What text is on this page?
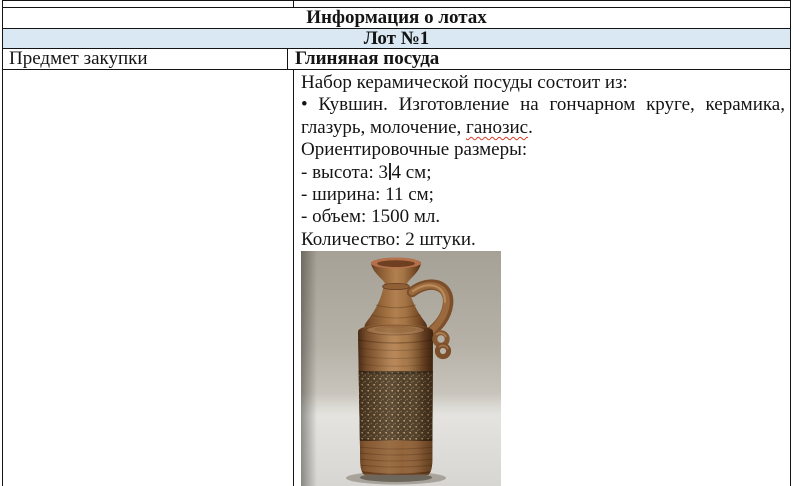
Информация о лотах
Лот №1
Предмет закупки	Глиняная посуда
Набор керамической посуды состоит из:
• Кувшин. Изготовление на гончарном круге, керамика,
глазурь, молочение, ганозис.
Ориентировочные размеры:
- высота: 3 4 см;
- ширина: 11 см;
- объем: 1500 мл.
Количество: 2 штуки.
